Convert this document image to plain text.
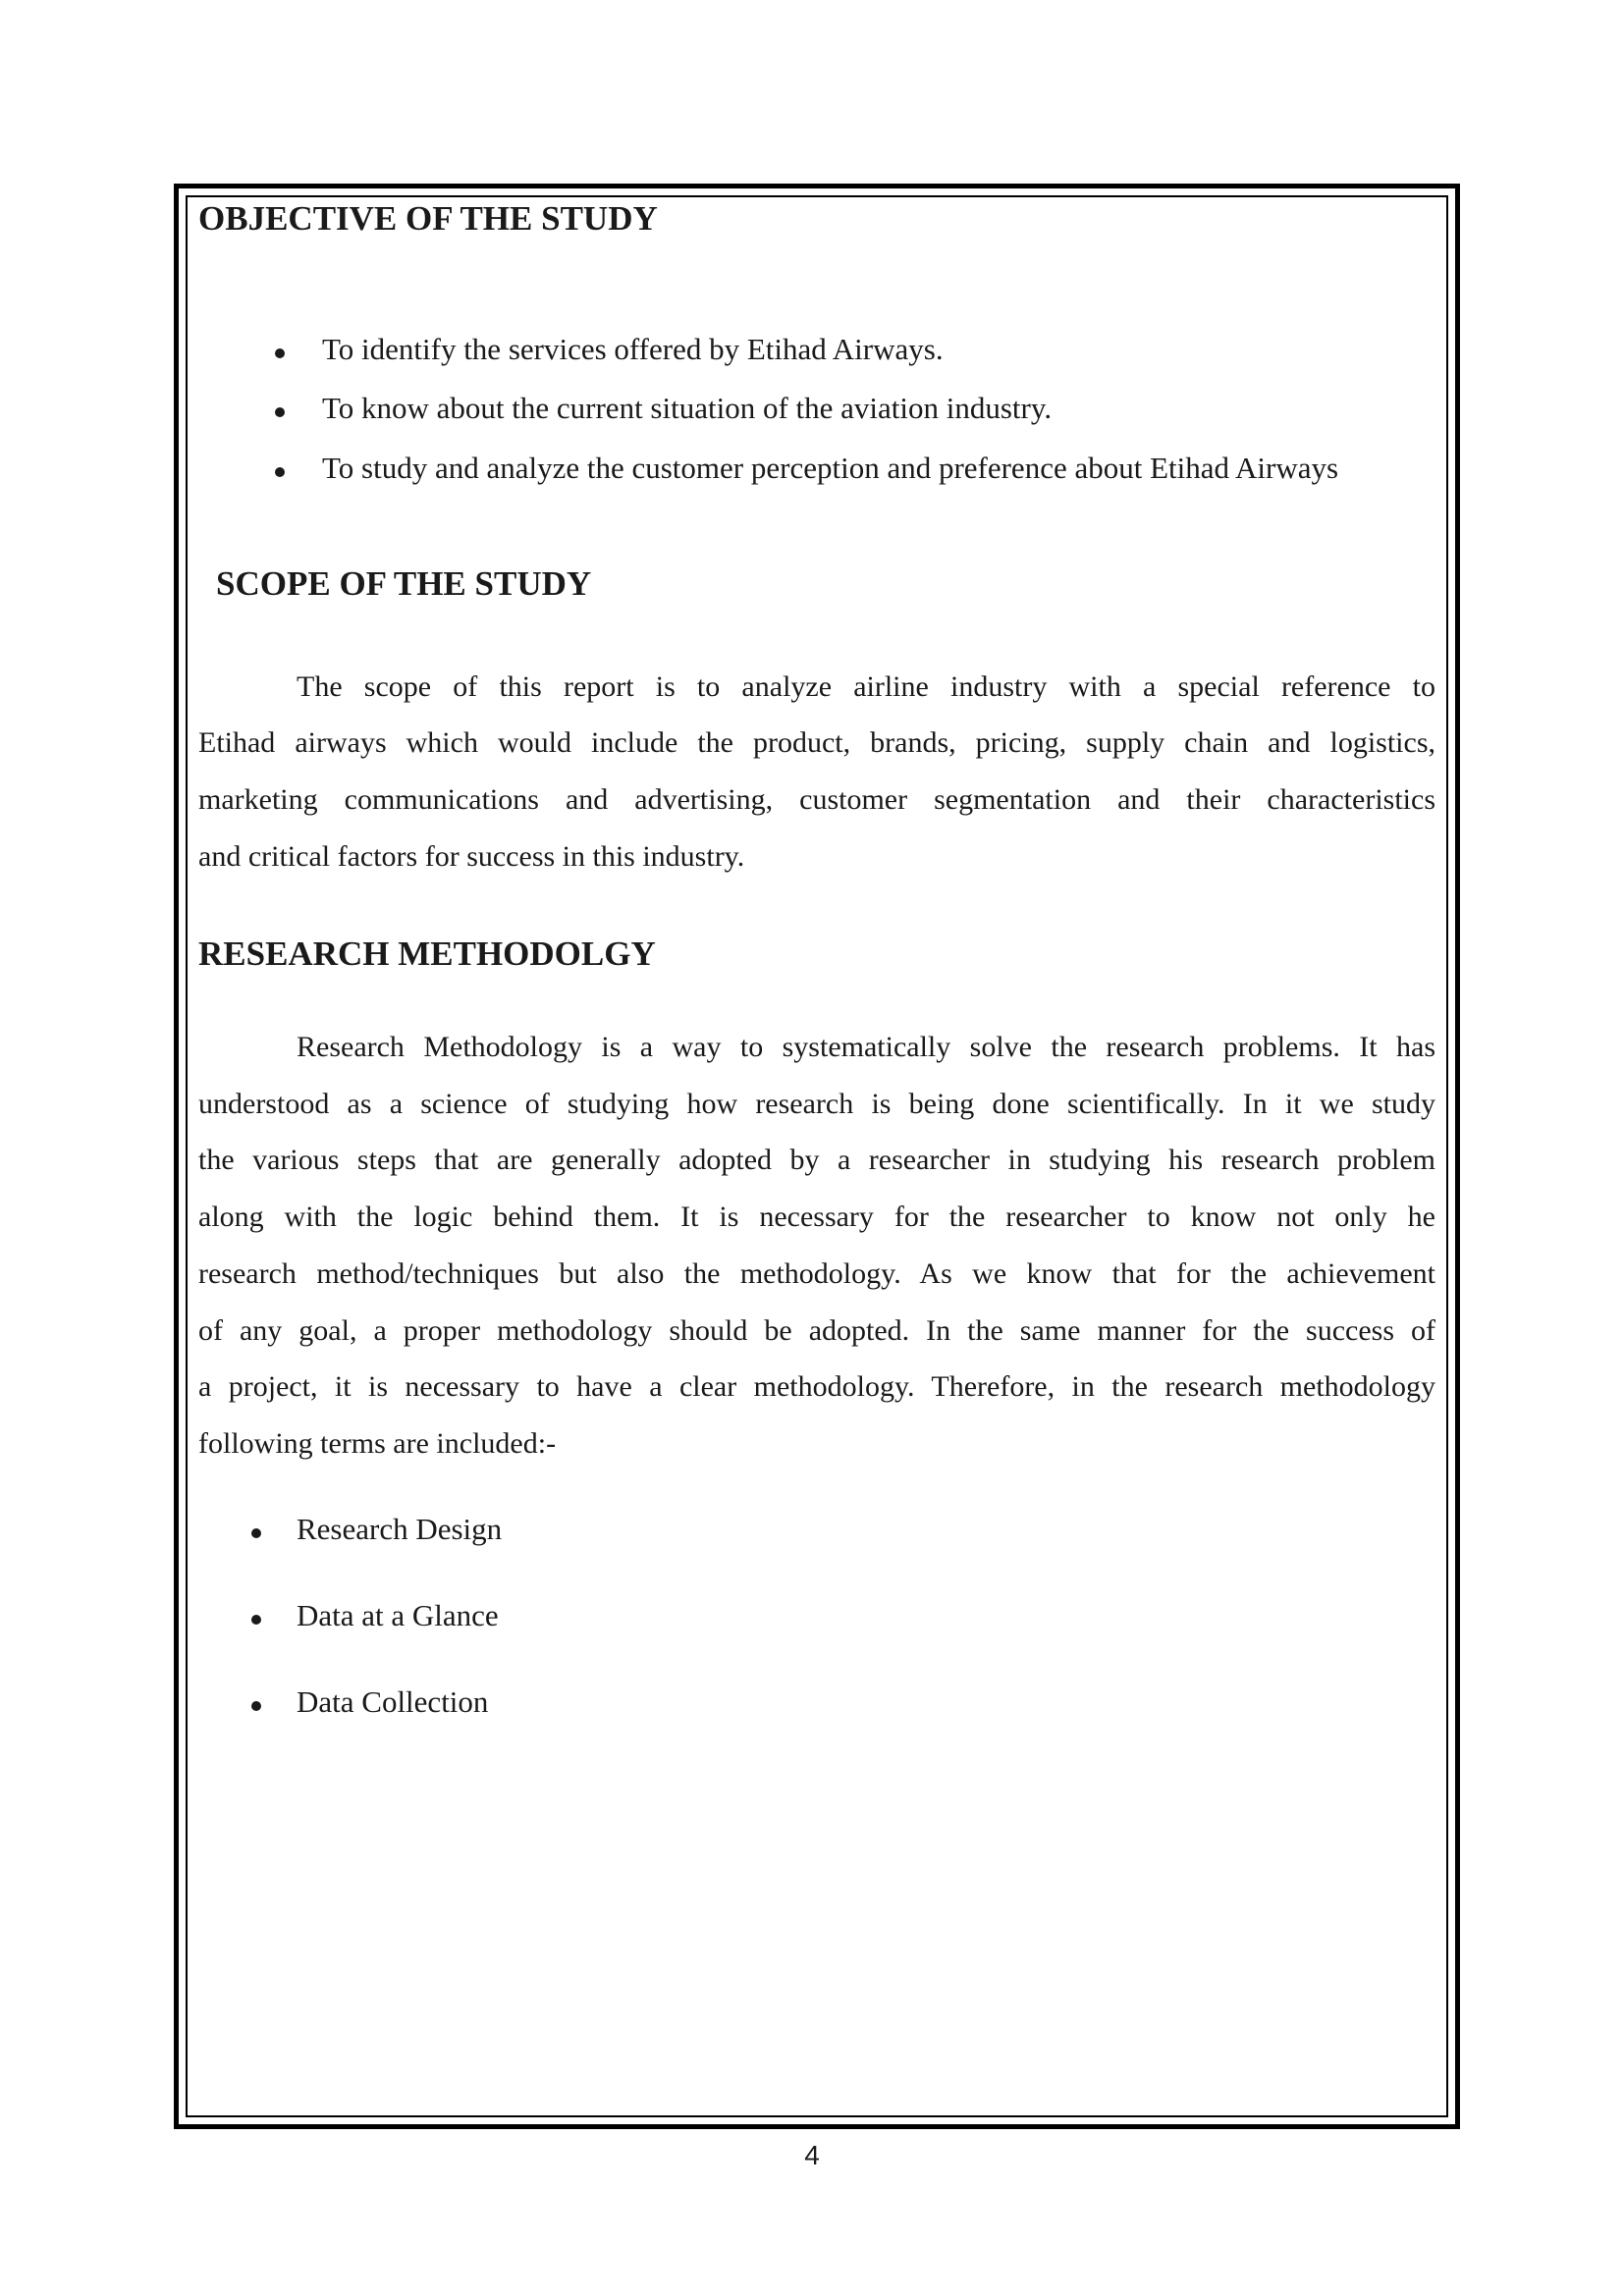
OBJECTIVE OF THE STUDY
To identify the services offered by Etihad Airways.
To know about the current situation of the aviation industry.
To study and analyze the customer perception and preference about Etihad Airways
SCOPE OF THE STUDY
The scope of this report is to analyze airline industry with a special reference to
Etihad airways which would include the product, brands, pricing, supply chain and logistics,
marketing communications and advertising, customer segmentation and their characteristics
and critical factors for success in this industry.
RESEARCH METHODOLGY
Research Methodology is a way to systematically solve the research problems. It has
understood as a science of studying how research is being done scientifically. In it we study
the various steps that are generally adopted by a researcher in studying his research problem
along with the logic behind them. It is necessary for the researcher to know not only he
research method/techniques but also the methodology. As we know that for the achievement
of any goal, a proper methodology should be adopted. In the same manner for the success of
a project, it is necessary to have a clear methodology. Therefore, in the research methodology
following terms are included:-
Research Design
Data at a Glance
Data Collection
4
